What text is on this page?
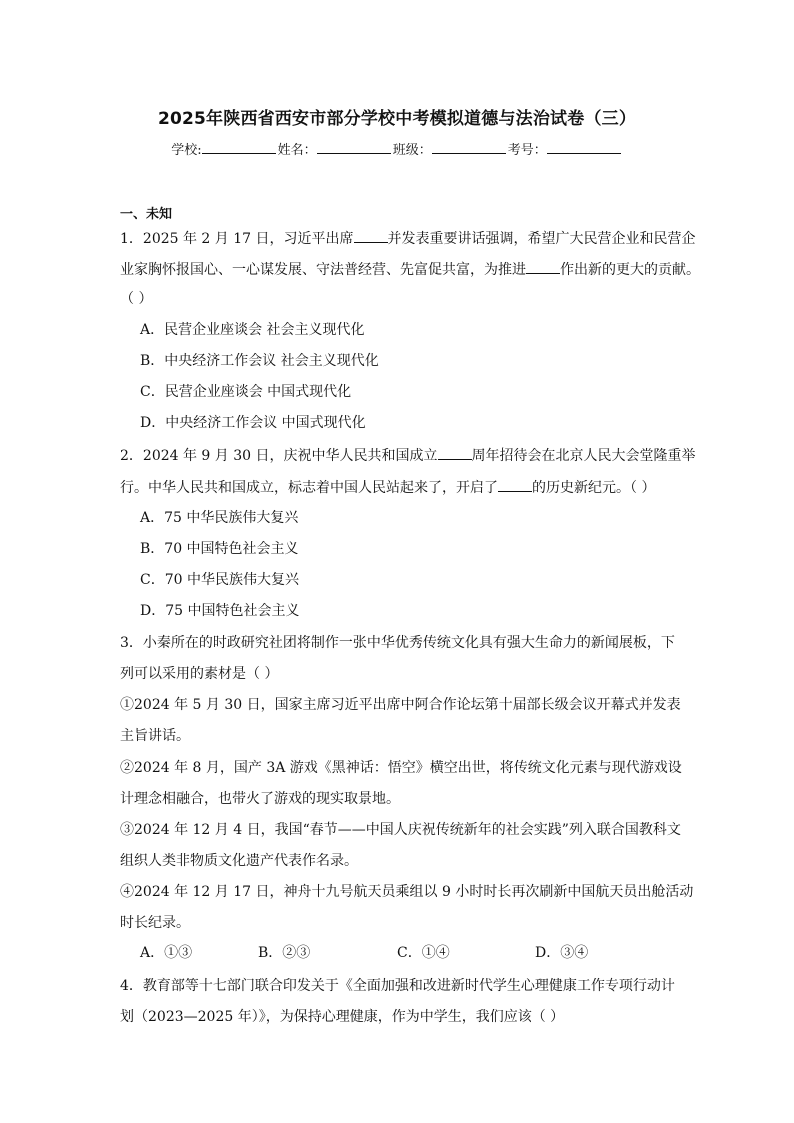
2025年陕西省西安市部分学校中考模拟道德与法治试卷（三）
学校:	姓名：	班级：	考号：
一、未知
1．2025 年 2 月 17 日，习近平出席 并发表重要讲话强调，希望广大民营企业和民营企
业家胸怀报国心、一心谋发展、守法普经营、先富促共富，为推进 作出新的更大的贡献。
（ ）
A．民营企业座谈会 社会主义现代化
B．中央经济工作会议 社会主义现代化
C．民营企业座谈会 中国式现代化
D．中央经济工作会议 中国式现代化
2．2024 年 9 月 30 日，庆祝中华人民共和国成立 周年招待会在北京人民大会堂隆重举
行。中华人民共和国成立，标志着中国人民站起来了，开启了 的历史新纪元。（ ）
A．75 中华民族伟大复兴
B．70 中国特色社会主义
C．70 中华民族伟大复兴
D．75 中国特色社会主义
3．小秦所在的时政研究社团将制作一张中华优秀传统文化具有强大生命力的新闻展板，下
列可以采用的素材是（ ）
①2024 年 5 月 30 日，国家主席习近平出席中阿合作论坛第十届部长级会议开幕式并发表
主旨讲话。
②2024 年 8 月，国产 3A 游戏《黑神话：悟空》横空出世，将传统文化元素与现代游戏设
计理念相融合，也带火了游戏的现实取景地。
③2024 年 12 月 4 日，我国“春节——中国人庆祝传统新年的社会实践”列入联合国教科文
组织人类非物质文化遗产代表作名录。
④2024 年 12 月 17 日，神舟十九号航天员乘组以 9 小时时长再次刷新中国航天员出舱活动
时长纪录。
A．①③	B．②③	C．①④	D．③④
4．教育部等十七部门联合印发关于《全面加强和改进新时代学生心理健康工作专项行动计
划（2023—2025 年）》，为保持心理健康，作为中学生，我们应该（ ）
